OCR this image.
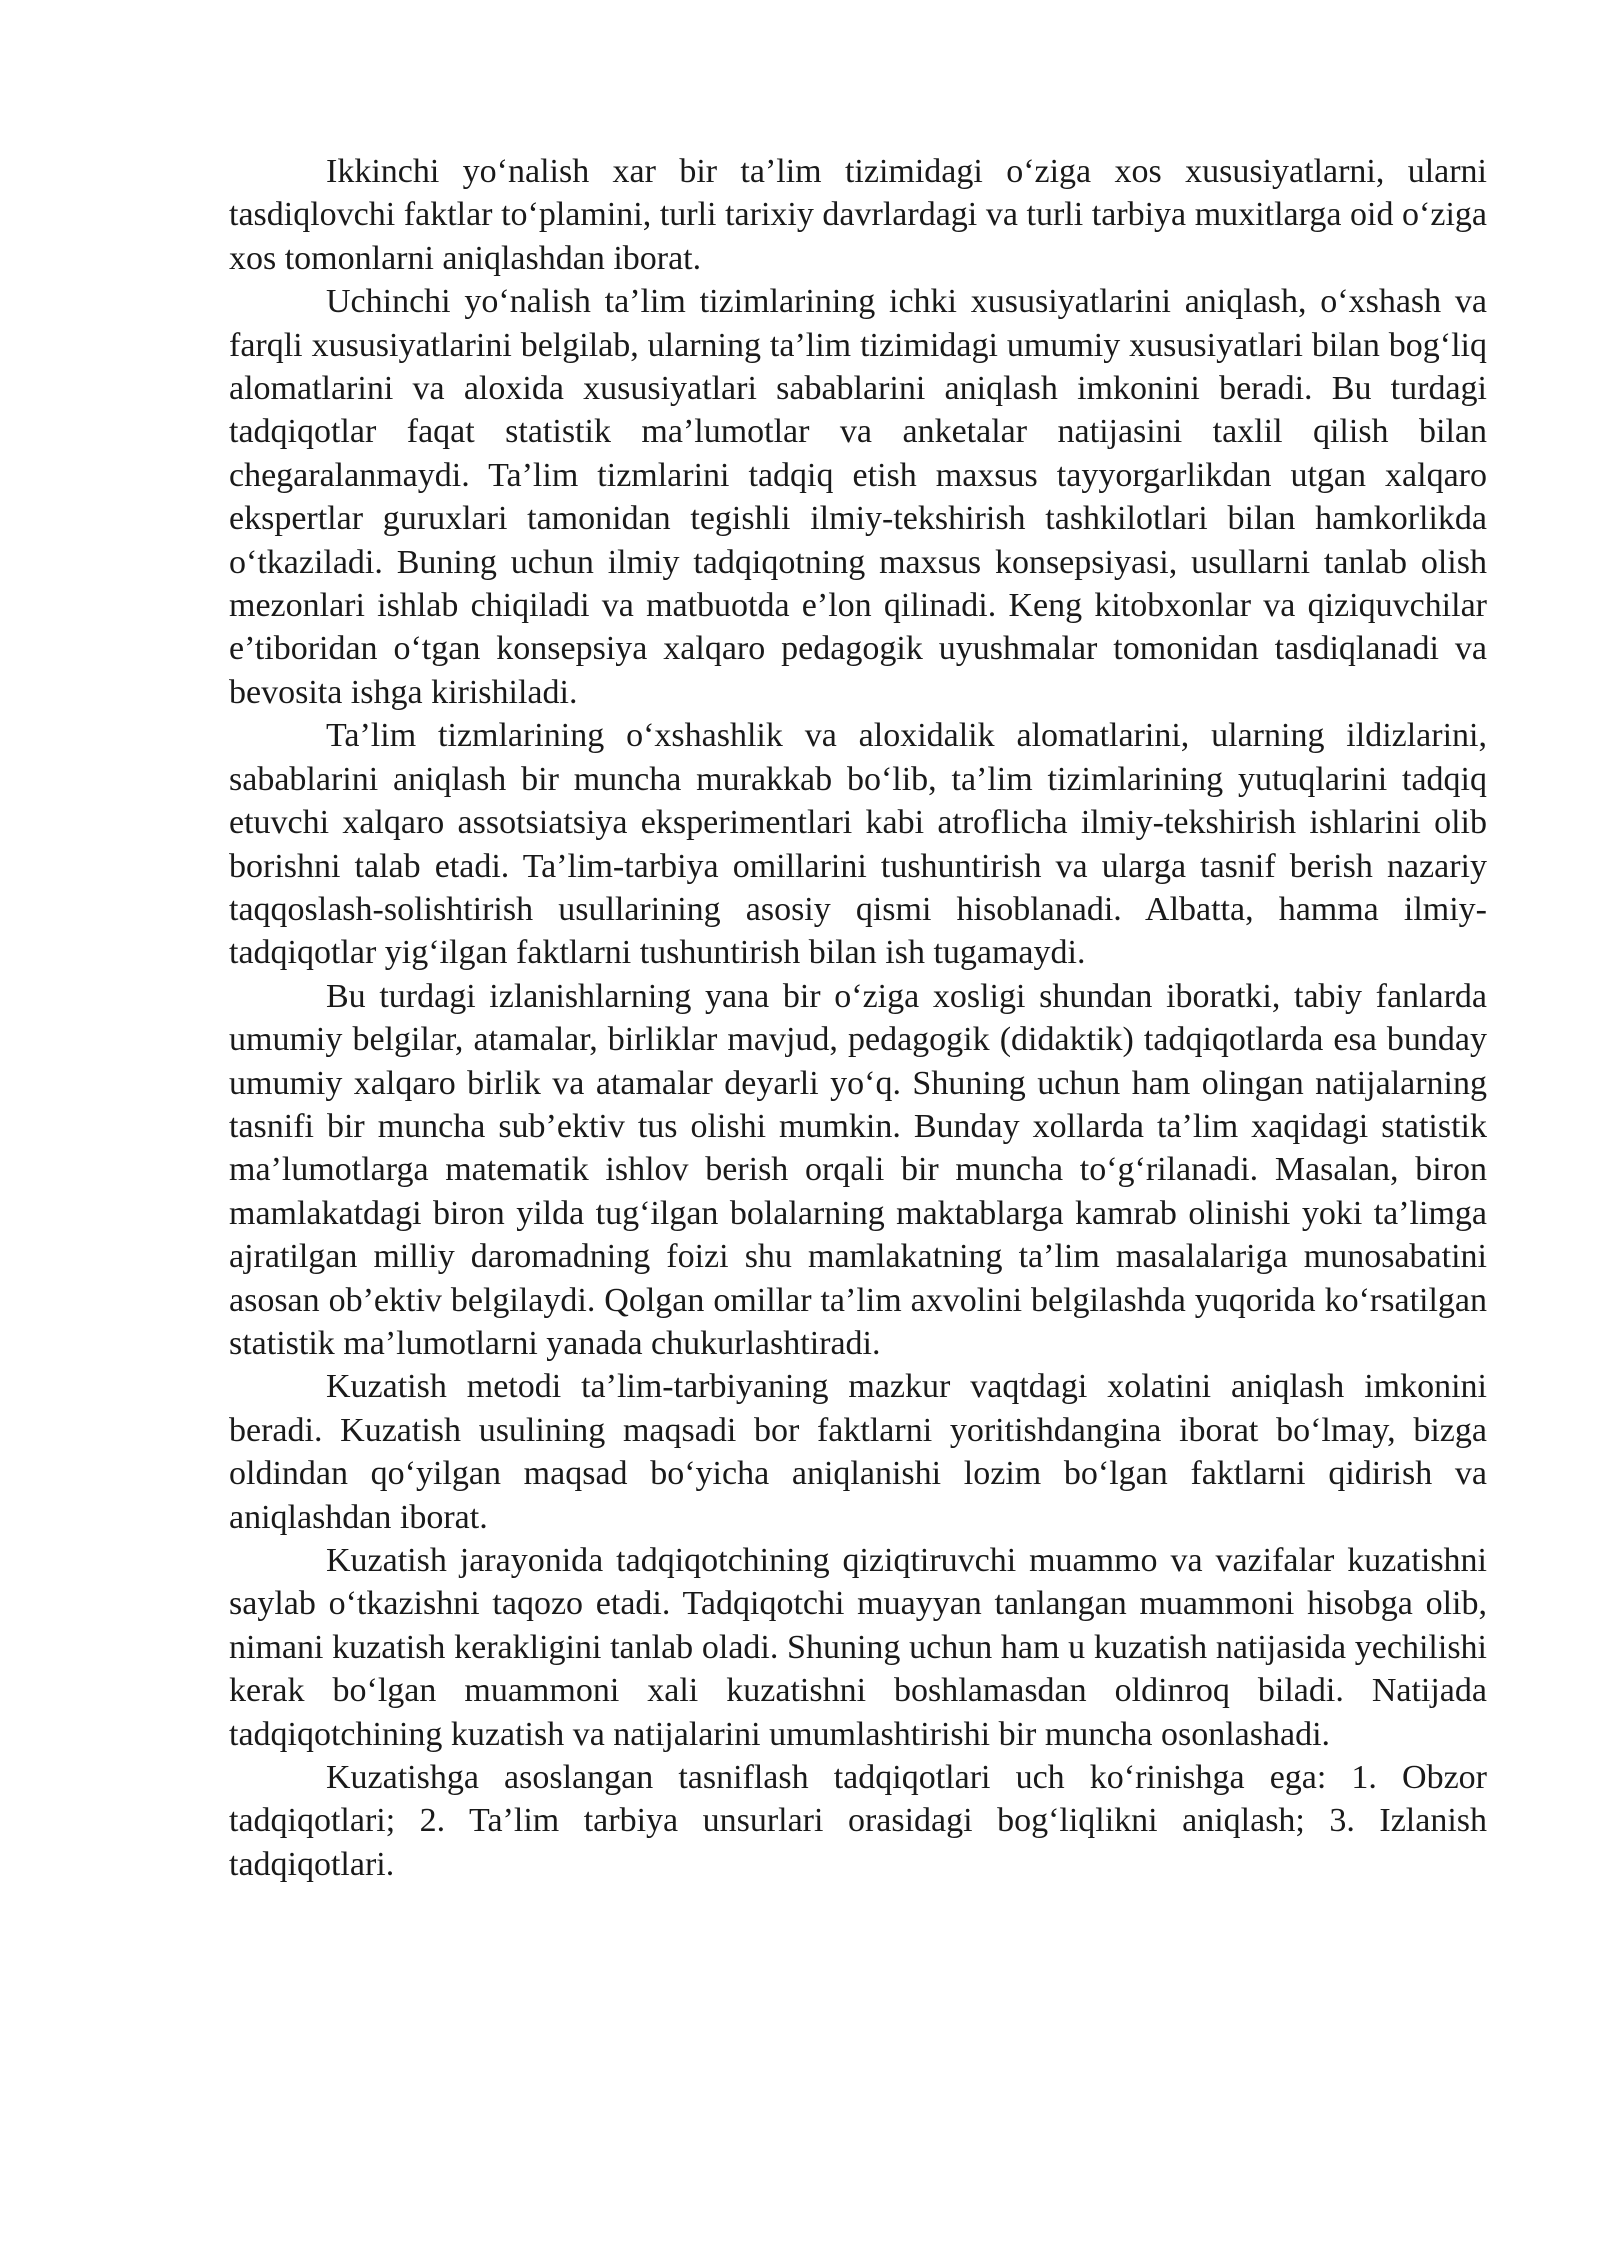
Ikkinchi yo‘nalish xar bir ta’lim tizimidagi o‘ziga xos xususiyatlarni, ularni tasdiqlovchi faktlar to‘plamini, turli tarixiy davrlardagi va turli tarbiya muxitlarga oid o‘ziga xos tomonlarni aniqlashdan iborat.

Uchinchi yo‘nalish ta’lim tizimlarining ichki xususiyatlarini aniqlash, o‘xshash va farqli xususiyatlarini belgilab, ularning ta’lim tizimidagi umumiy xususiyatlari bilan bog‘liq alomatlarini va aloxida xususiyatlari sabablarini aniqlash imkonini beradi. Bu turdagi tadqiqotlar faqat statistik ma’lumotlar va anketalar natijasini taxlil qilish bilan chegaralanmaydi. Ta’lim tizmlarini tadqiq etish maxsus tayyorgarlikdan utgan xalqaro ekspertlar guruxlari tamonidan tegishli ilmiy-tekshirish tashkilotlari bilan hamkorlikda o‘tkaziladi. Buning uchun ilmiy tadqiqotning maxsus konsepsiyasi, usullarni tanlab olish mezonlari ishlab chiqiladi va matbuotda e’lon qilinadi. Keng kitobxonlar va qiziquvchilar e’tiboridan o‘tgan konsepsiya xalqaro pedagogik uyushmalar tomonidan tasdiqlanadi va bevosita ishga kirishiladi.

Ta’lim tizmlarining o‘xshashlik va aloxidalik alomatlarini, ularning ildizlarini, sabablarini aniqlash bir muncha murakkab bo‘lib, ta’lim tizimlarining yutuqlarini tadqiq etuvchi xalqaro assotsiatsiya eksperimentlari kabi atroflicha ilmiy-tekshirish ishlarini olib borishni talab etadi. Ta’lim-tarbiya omillarini tushuntirish va ularga tasnif berish nazariy taqqoslash-solishtirish usullarining asosiy qismi hisoblanadi. Albatta, hamma ilmiy-tadqiqotlar yig‘ilgan faktlarni tushuntirish bilan ish tugamaydi.

Bu turdagi izlanishlarning yana bir o‘ziga xosligi shundan iboratki, tabiy fanlarda umumiy belgilar, atamalar, birliklar mavjud, pedagogik (didaktik) tadqiqotlarda esa bunday umumiy xalqaro birlik va atamalar deyarli yo‘q. Shuning uchun ham olingan natijalarning tasnifi bir muncha sub’ektiv tus olishi mumkin. Bunday xollarda ta’lim xaqidagi statistik ma’lumotlarga matematik ishlov berish orqali bir muncha to‘g‘rilanadi. Masalan, biron mamlakatdagi biron yilda tug‘ilgan bolalarning maktablarga kamrab olinishi yoki ta’limga ajratilgan milliy daromadning foizi shu mamlakatning ta’lim masalalariga munosabatini asosan ob’ektiv belgilaydi. Qolgan omillar ta’lim axvolini belgilashda yuqorida ko‘rsatilgan statistik ma’lumotlarni yanada chukurlashtiradi.

Kuzatish metodi ta’lim-tarbiyaning mazkur vaqtdagi xolatini aniqlash imkonini beradi. Kuzatish usulining maqsadi bor faktlarni yoritishdangina iborat bo‘lmay, bizga oldindan qo‘yilgan maqsad bo‘yicha aniqlanishi lozim bo‘lgan faktlarni qidirish va aniqlashdan iborat.

Kuzatish jarayonida tadqiqotchining qiziqtiruvchi muammo va vazifalar kuzatishni saylab o‘tkazishni taqozo etadi. Tadqiqotchi muayyan tanlangan muammoni hisobga olib, nimani kuzatish kerakligini tanlab oladi. Shuning uchun ham u kuzatish natijasida yechilishi kerak bo‘lgan muammoni xali kuzatishni boshlamasdan oldinroq biladi. Natijada tadqiqotchining kuzatish va natijalarini umumlashtirishi bir muncha osonlashadi.

Kuzatishga asoslangan tasniflash tadqiqotlari uch ko‘rinishga ega: 1. Obzor tadqiqotlari; 2. Ta’lim tarbiya unsurlari orasidagi bog‘liqlikni aniqlash; 3. Izlanish tadqiqotlari.
